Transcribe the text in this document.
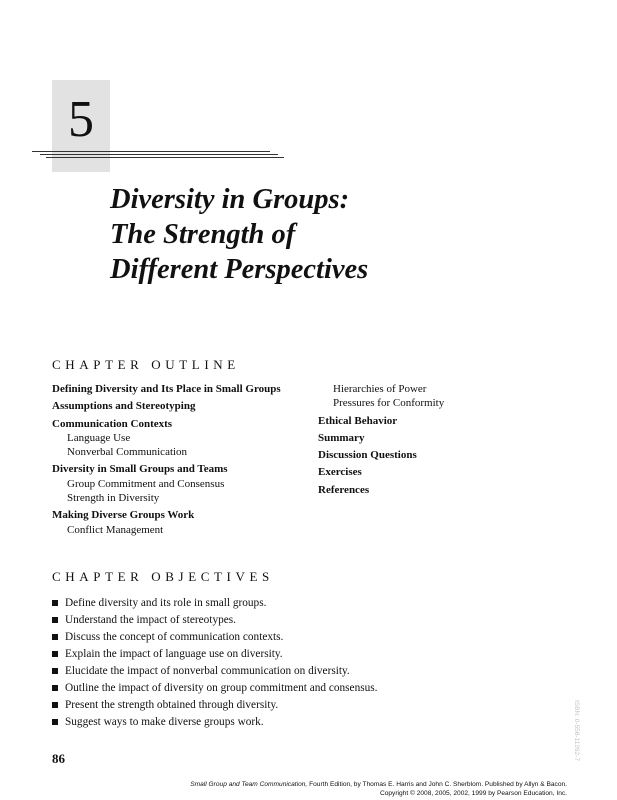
5
Diversity in Groups:
The Strength of
Different Perspectives
CHAPTER OUTLINE
Defining Diversity and Its Place in Small Groups
Assumptions and Stereotyping
Communication Contexts
Language Use
Nonverbal Communication
Diversity in Small Groups and Teams
Group Commitment and Consensus
Strength in Diversity
Making Diverse Groups Work
Conflict Management
Hierarchies of Power
Pressures for Conformity
Ethical Behavior
Summary
Discussion Questions
Exercises
References
CHAPTER OBJECTIVES
Define diversity and its role in small groups.
Understand the impact of stereotypes.
Discuss the concept of communication contexts.
Explain the impact of language use on diversity.
Elucidate the impact of nonverbal communication on diversity.
Outline the impact of diversity on group commitment and consensus.
Present the strength obtained through diversity.
Suggest ways to make diverse groups work.
86	ISBN: 0-558-11262-7
Small Group and Team Communication, Fourth Edition, by Thomas E. Harris and John C. Sherblom. Published by Allyn & Bacon.
Copyright © 2008, 2005, 2002, 1999 by Pearson Education, Inc.
